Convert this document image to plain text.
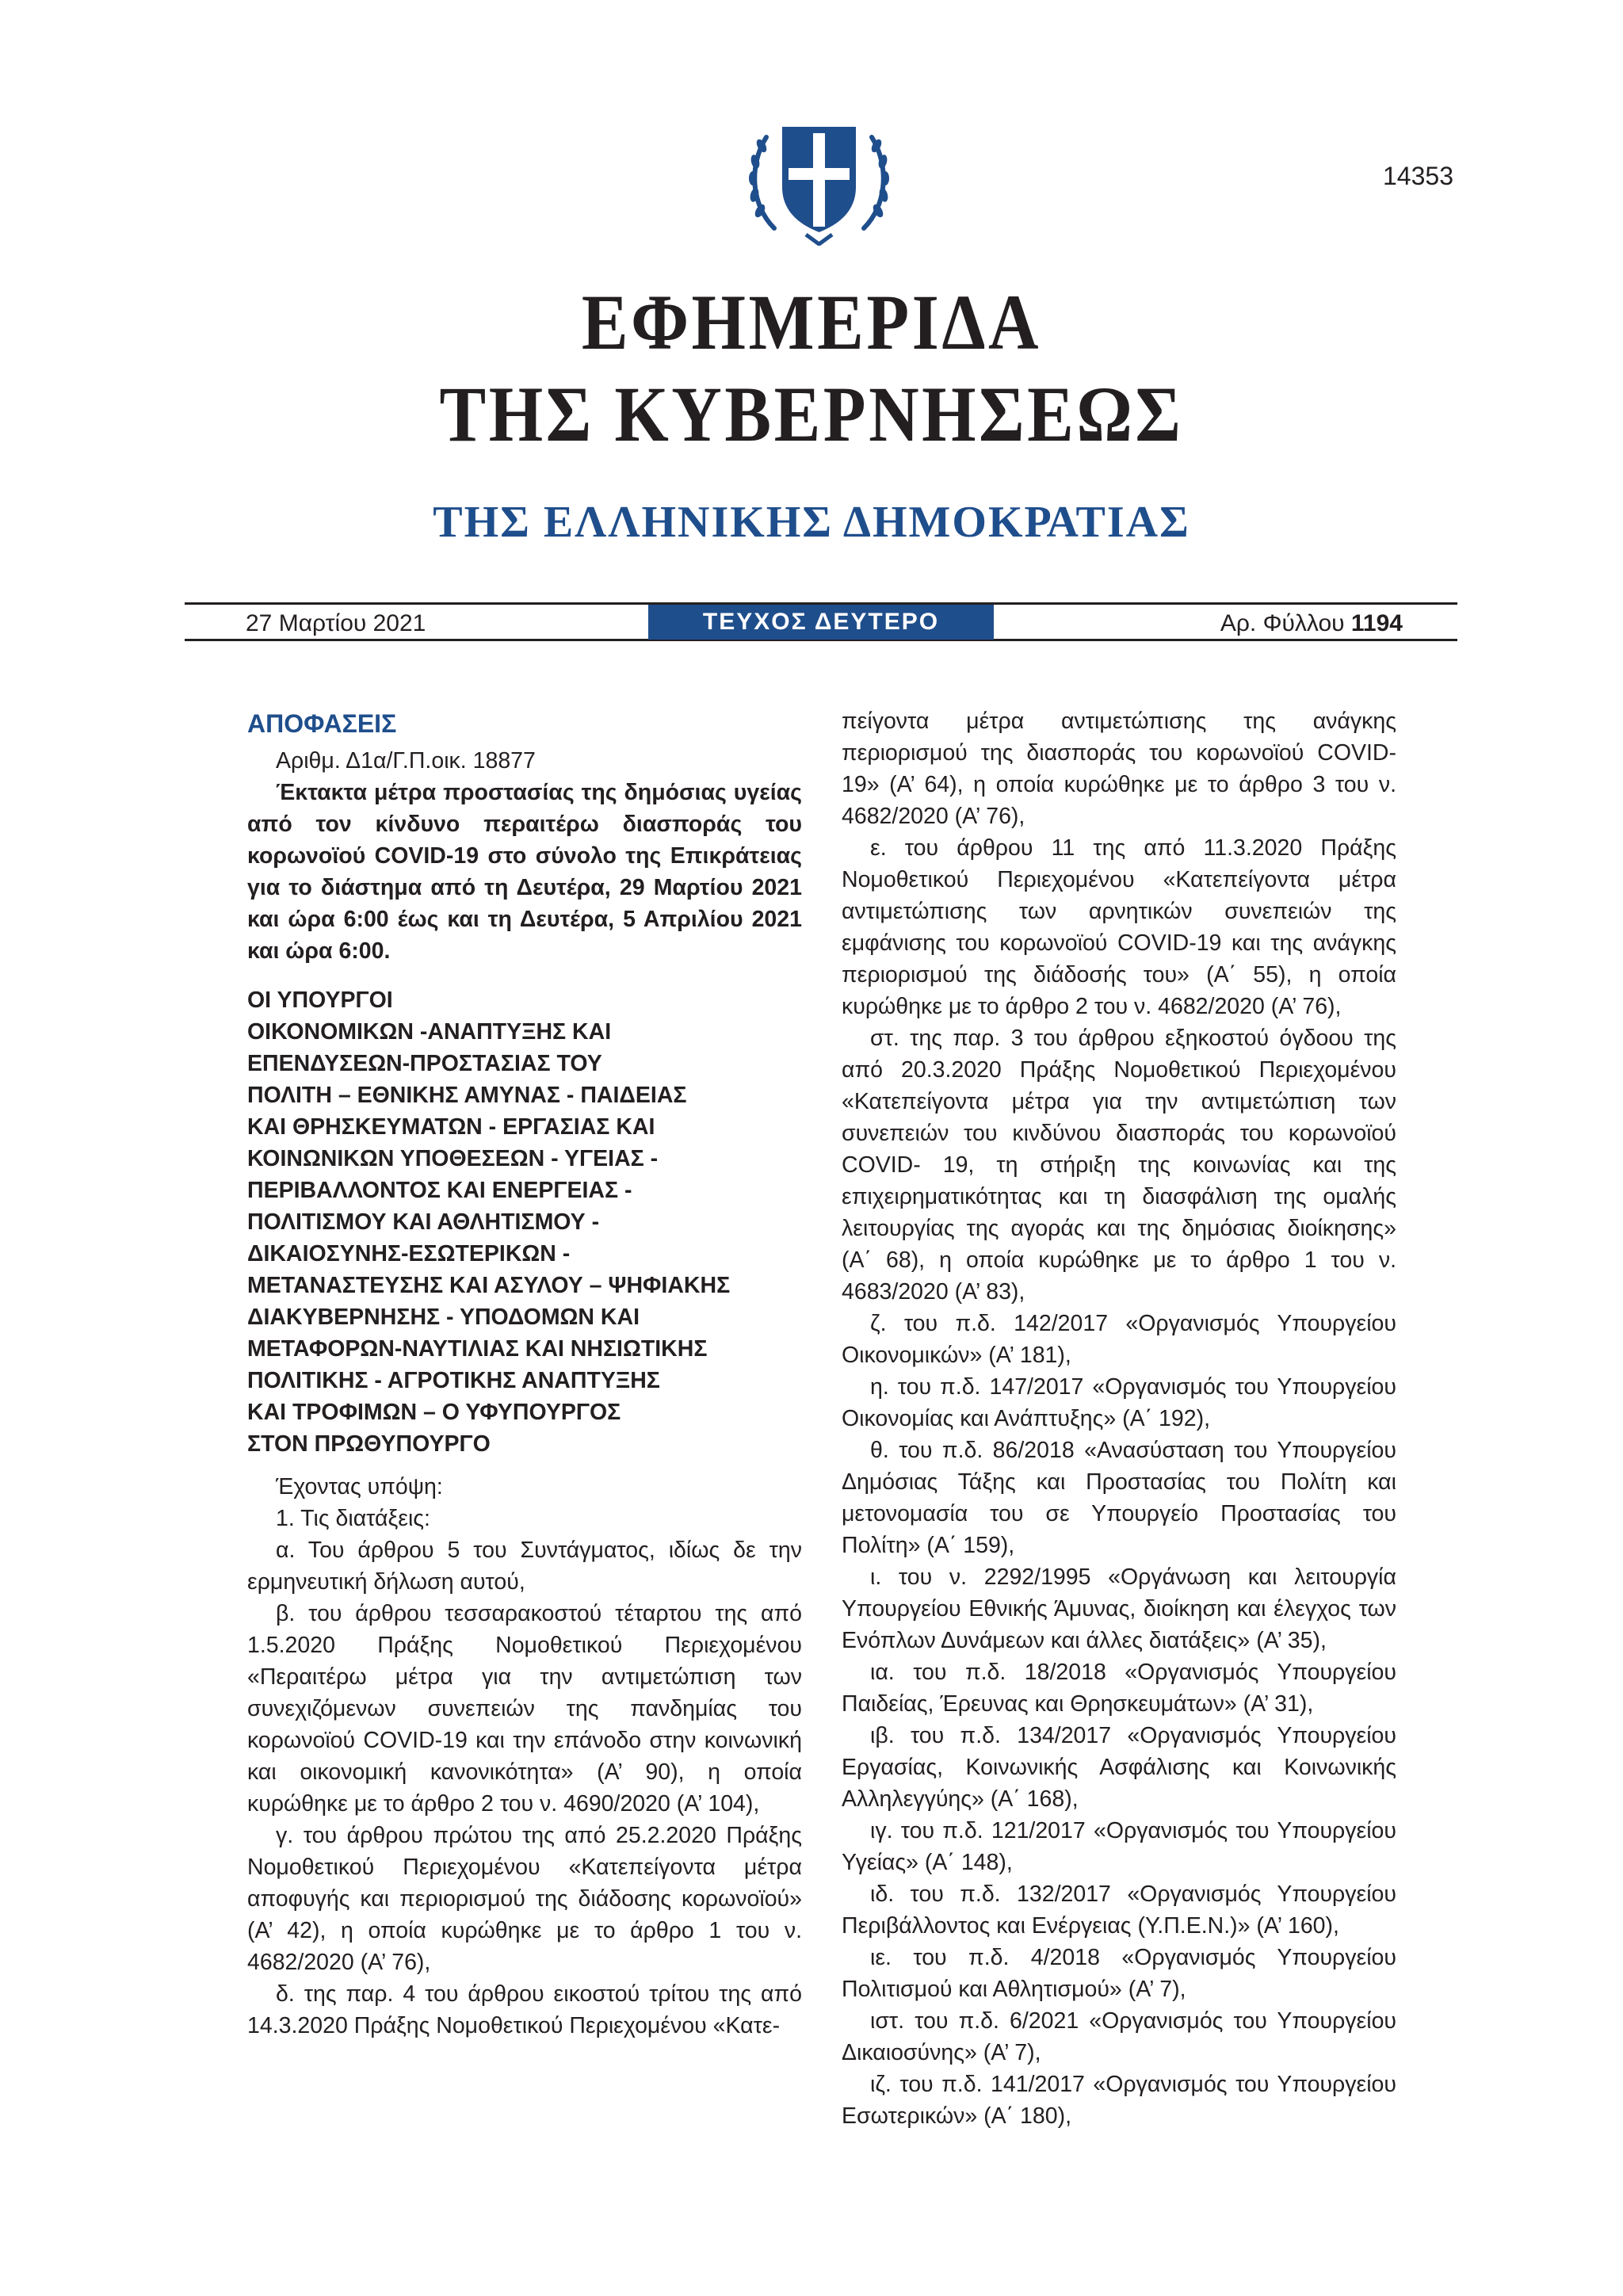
14353
ΕΦΗΜΕΡΙΔΑ
ΤΗΣ ΚΥΒΕΡΝΗΣΕΩΣ
ΤΗΣ ΕΛΛΗΝΙΚΗΣ ΔΗΜΟΚΡΑΤΙΑΣ
27 Μαρτίου 2021	ΤΕΥΧΟΣ ΔΕΥΤΕΡΟ	Αρ. Φύλλου 1194

ΑΠΟΦΑΣΕΙΣ

Αριθμ. Δ1α/Γ.Π.οικ. 18877

Έκτακτα μέτρα προστασίας της δημόσιας υγείας από τον κίνδυνο περαιτέρω διασποράς του κορωνοϊού COVID-19 στο σύνολο της Επικράτειας για το διάστημα από τη Δευτέρα, 29 Μαρτίου 2021 και ώρα 6:00 έως και τη Δευτέρα, 5 Απριλίου 2021 και ώρα 6:00.

ΟΙ ΥΠΟΥΡΓΟΙ
ΟΙΚΟΝΟΜΙΚΩΝ -ΑΝΑΠΤΥΞΗΣ ΚΑΙ
ΕΠΕΝΔΥΣΕΩΝ-ΠΡΟΣΤΑΣΙΑΣ ΤΟΥ
ΠΟΛΙΤΗ – ΕΘΝΙΚΗΣ ΑΜΥΝΑΣ - ΠΑΙΔΕΙΑΣ
ΚΑΙ ΘΡΗΣΚΕΥΜΑΤΩΝ - ΕΡΓΑΣΙΑΣ ΚΑΙ
ΚΟΙΝΩΝΙΚΩΝ ΥΠΟΘΕΣΕΩΝ - ΥΓΕΙΑΣ -
ΠΕΡΙΒΑΛΛΟΝΤΟΣ ΚΑΙ ΕΝΕΡΓΕΙΑΣ -
ΠΟΛΙΤΙΣΜΟΥ ΚΑΙ ΑΘΛΗΤΙΣΜΟΥ -
ΔΙΚΑΙΟΣΥΝΗΣ-ΕΣΩΤΕΡΙΚΩΝ -
ΜΕΤΑΝΑΣΤΕΥΣΗΣ ΚΑΙ ΑΣΥΛΟΥ – ΨΗΦΙΑΚΗΣ
ΔΙΑΚΥΒΕΡΝΗΣΗΣ - ΥΠΟΔΟΜΩΝ ΚΑΙ
ΜΕΤΑΦΟΡΩΝ-ΝΑΥΤΙΛΙΑΣ ΚΑΙ ΝΗΣΙΩΤΙΚΗΣ
ΠΟΛΙΤΙΚΗΣ - ΑΓΡΟΤΙΚΗΣ ΑΝΑΠΤΥΞΗΣ
ΚΑΙ ΤΡΟΦΙΜΩΝ – Ο ΥΦΥΠΟΥΡΓΟΣ
ΣΤΟΝ ΠΡΩΘΥΠΟΥΡΓΟ

Έχοντας υπόψη:

1. Τις διατάξεις:

α. Του άρθρου 5 του Συντάγματος, ιδίως δε την ερμηνευτική δήλωση αυτού,

β. του άρθρου τεσσαρακοστού τέταρτου της από 1.5.2020 Πράξης Νομοθετικού Περιεχομένου «Περαιτέρω μέτρα για την αντιμετώπιση των συνεχιζόμενων συνεπειών της πανδημίας του κορωνοϊού COVID-19 και την επάνοδο στην κοινωνική και οικονομική κανονικότητα» (Α’ 90), η οποία κυρώθηκε με το άρθρο 2 του ν. 4690/2020 (Α’ 104),

γ. του άρθρου πρώτου της από 25.2.2020 Πράξης Νομοθετικού Περιεχομένου «Κατεπείγοντα μέτρα αποφυγής και περιορισμού της διάδοσης κορωνοϊού» (Α’ 42), η οποία κυρώθηκε με το άρθρο 1 του ν. 4682/2020 (Α’ 76),

δ. της παρ. 4 του άρθρου εικοστού τρίτου της από 14.3.2020 Πράξης Νομοθετικού Περιεχομένου «Κατε-

πείγοντα μέτρα αντιμετώπισης της ανάγκης περιορισμού της διασποράς του κορωνοϊού COVID-19» (Α’ 64), η οποία κυρώθηκε με το άρθρο 3 του ν. 4682/2020 (Α’ 76),

ε. του άρθρου 11 της από 11.3.2020 Πράξης Νομοθετικού Περιεχομένου «Κατεπείγοντα μέτρα αντιμετώπισης των αρνητικών συνεπειών της εμφάνισης του κορωνοϊού COVID-19 και της ανάγκης περιορισμού της διάδοσής του» (Α΄ 55), η οποία κυρώθηκε με το άρθρο 2 του ν. 4682/2020 (Α’ 76),

στ. της παρ. 3 του άρθρου εξηκοστού όγδοου της από 20.3.2020 Πράξης Νομοθετικού Περιεχομένου «Κατεπείγοντα μέτρα για την αντιμετώπιση των συνεπειών του κινδύνου διασποράς του κορωνοϊού COVID- 19, τη στήριξη της κοινωνίας και της επιχειρηματικότητας και τη διασφάλιση της ομαλής λειτουργίας της αγοράς και της δημόσιας διοίκησης» (Α΄ 68), η οποία κυρώθηκε με το άρθρο 1 του ν. 4683/2020 (Α’ 83),

ζ. του π.δ. 142/2017 «Οργανισμός Υπουργείου Οικονομικών» (Α’ 181),

η. του π.δ. 147/2017 «Οργανισμός του Υπουργείου Οικονομίας και Ανάπτυξης» (Α΄ 192),

θ. του π.δ. 86/2018 «Ανασύσταση του Υπουργείου Δημόσιας Τάξης και Προστασίας του Πολίτη και μετονομασία του σε Υπουργείο Προστασίας του Πολίτη» (Α΄ 159),

ι. του ν. 2292/1995 «Οργάνωση και λειτουργία Υπουργείου Εθνικής Άμυνας, διοίκηση και έλεγχος των Ενόπλων Δυνάμεων και άλλες διατάξεις» (Α’ 35),

ια. του π.δ. 18/2018 «Οργανισμός Υπουργείου Παιδείας, Έρευνας και Θρησκευμάτων» (Α’ 31),

ιβ. του π.δ. 134/2017 «Οργανισμός Υπουργείου Εργασίας, Κοινωνικής Ασφάλισης και Κοινωνικής Αλληλεγγύης» (Α΄ 168),

ιγ. του π.δ. 121/2017 «Οργανισμός του Υπουργείου Υγείας» (Α΄ 148),

ιδ. του π.δ. 132/2017 «Οργανισμός Υπουργείου Περιβάλλοντος και Ενέργειας (Υ.Π.Ε.Ν.)» (Α’ 160),

ιε. του π.δ. 4/2018 «Οργανισμός Υπουργείου Πολιτισμού και Αθλητισμού» (Α’ 7),

ιστ. του π.δ. 6/2021 «Οργανισμός του Υπουργείου Δικαιοσύνης» (Α’ 7),

ιζ. του π.δ. 141/2017 «Οργανισμός του Υπουργείου Εσωτερικών» (Α΄ 180),
